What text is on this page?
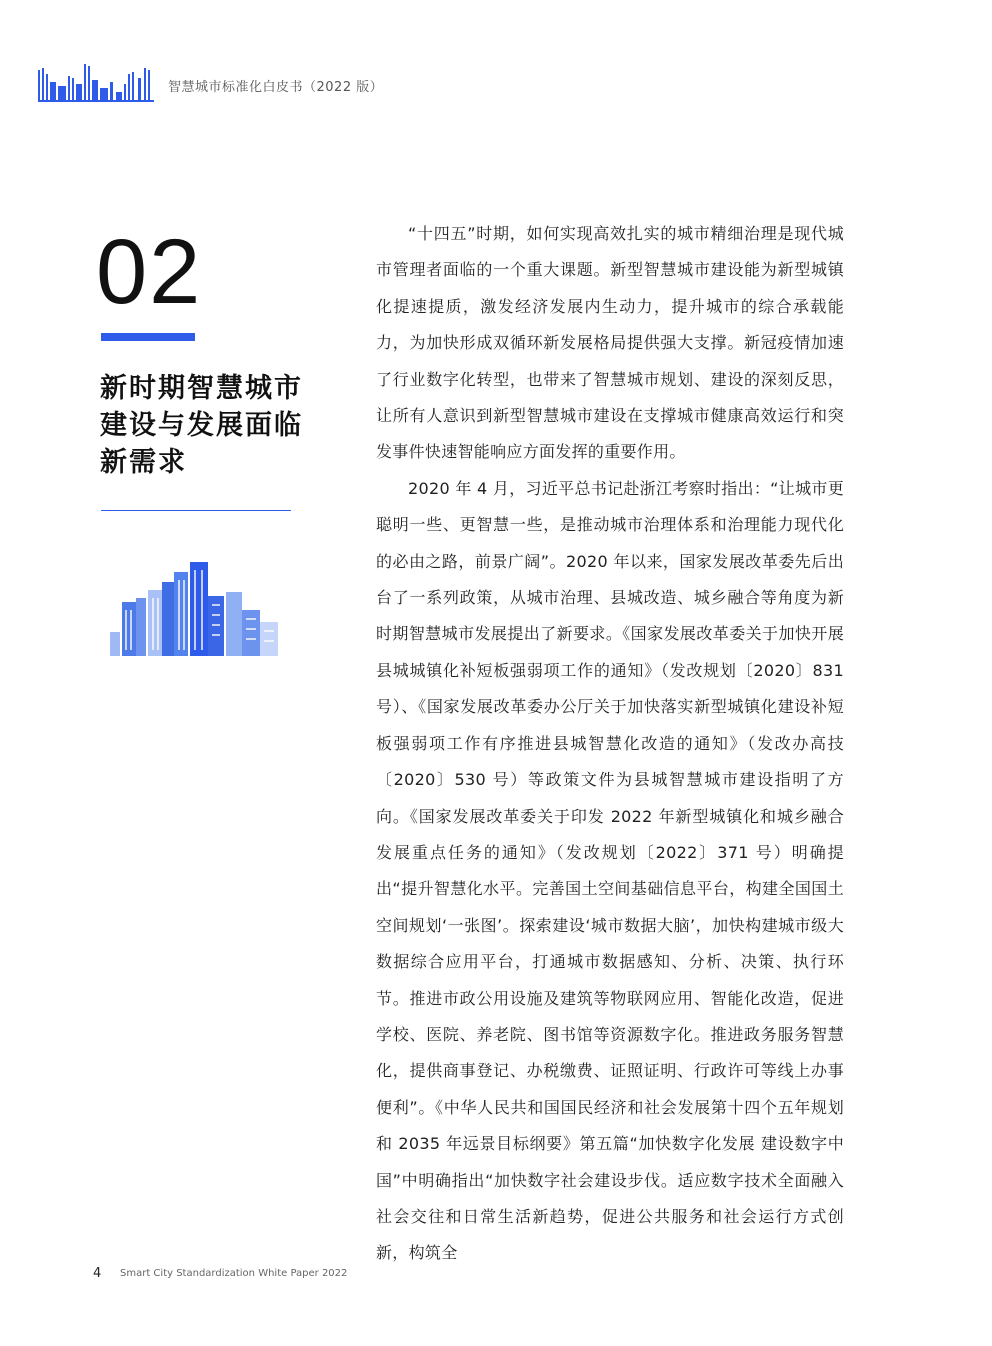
智慧城市标准化白皮书（2022 版）
02
新时期智慧城市建设与发展面临新需求

“十四五”时期，如何实现高效扎实的城市精细治理是现代城市管理者面临的一个重大课题。新型智慧城市建设能为新型城镇化提速提质，激发经济发展内生动力，提升城市的综合承载能力，为加快形成双循环新发展格局提供强大支撑。新冠疫情加速了行业数字化转型，也带来了智慧城市规划、建设的深刻反思，让所有人意识到新型智慧城市建设在支撑城市健康高效运行和突发事件快速智能响应方面发挥的重要作用。

2020 年 4 月，习近平总书记赴浙江考察时指出：“让城市更聪明一些、更智慧一些，是推动城市治理体系和治理能力现代化的必由之路，前景广阔”。2020 年以来，国家发展改革委先后出台了一系列政策，从城市治理、县城改造、城乡融合等角度为新时期智慧城市发展提出了新要求。《国家发展改革委关于加快开展县城城镇化补短板强弱项工作的通知》（发改规划〔2020〕831 号）、《国家发展改革委办公厅关于加快落实新型城镇化建设补短板强弱项工作有序推进县城智慧化改造的通知》（发改办高技〔2020〕530 号）等政策文件为县城智慧城市建设指明了方向。《国家发展改革委关于印发 2022 年新型城镇化和城乡融合发展重点任务的通知》（发改规划〔2022〕371 号）明确提出“提升智慧化水平。完善国土空间基础信息平台，构建全国国土空间规划‘一张图’。探索建设‘城市数据大脑’，加快构建城市级大数据综合应用平台，打通城市数据感知、分析、决策、执行环节。推进市政公用设施及建筑等物联网应用、智能化改造，促进学校、医院、养老院、图书馆等资源数字化。推进政务服务智慧化，提供商事登记、办税缴费、证照证明、行政许可等线上办事便利”。《中华人民共和国国民经济和社会发展第十四个五年规划和 2035 年远景目标纲要》第五篇“加快数字化发展 建设数字中国”中明确指出“加快数字社会建设步伐。适应数字技术全面融入社会交往和日常生活新趋势，促进公共服务和社会运行方式创新，构筑全

4 Smart City Standardization White Paper 2022
